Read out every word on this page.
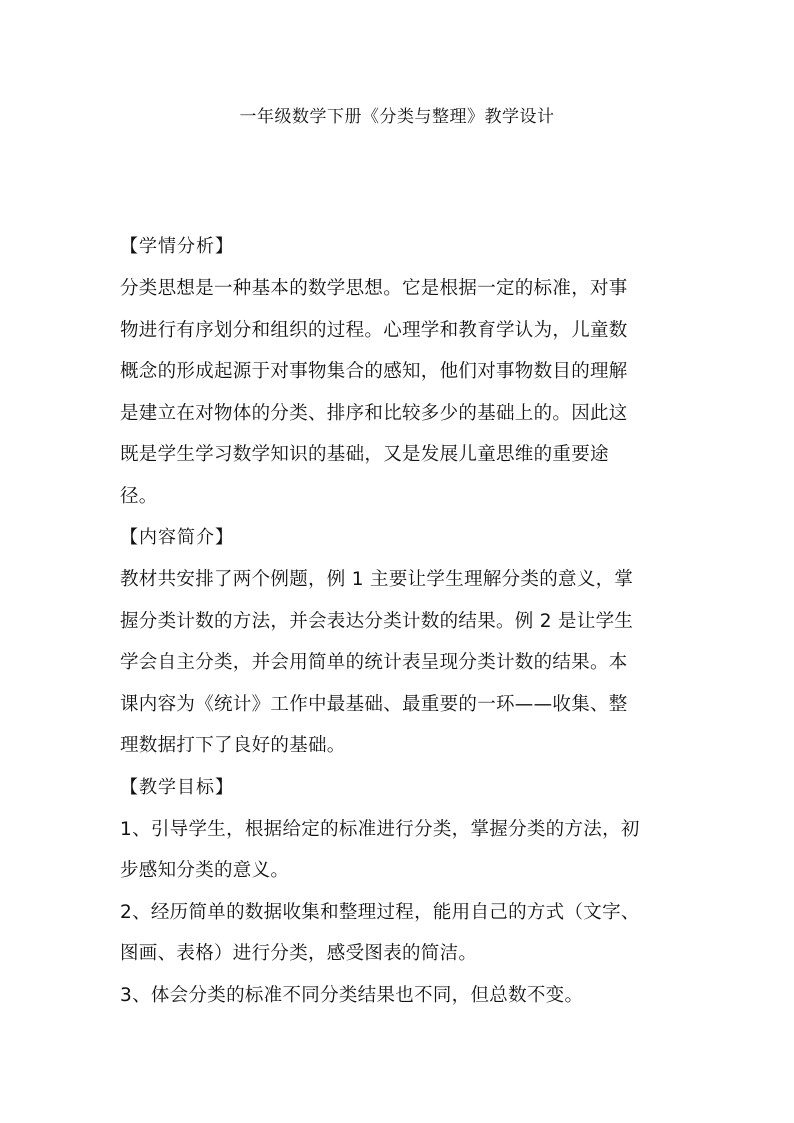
一年级数学下册《分类与整理》教学设计
【学情分析】
分类思想是一种基本的数学思想。它是根据一定的标准，对事
物进行有序划分和组织的过程。心理学和教育学认为，儿童数
概念的形成起源于对事物集合的感知，他们对事物数目的理解
是建立在对物体的分类、排序和比较多少的基础上的。因此这
既是学生学习数学知识的基础，又是发展儿童思维的重要途
径。
【内容简介】
教材共安排了两个例题，例 1 主要让学生理解分类的意义，掌
握分类计数的方法，并会表达分类计数的结果。例 2 是让学生
学会自主分类，并会用简单的统计表呈现分类计数的结果。本
课内容为《统计》工作中最基础、最重要的一环——收集、整
理数据打下了良好的基础。
【教学目标】
1、引导学生，根据给定的标准进行分类，掌握分类的方法，初
步感知分类的意义。
2、经历简单的数据收集和整理过程，能用自己的方式（文字、
图画、表格）进行分类，感受图表的简洁。
3、体会分类的标准不同分类结果也不同，但总数不变。
